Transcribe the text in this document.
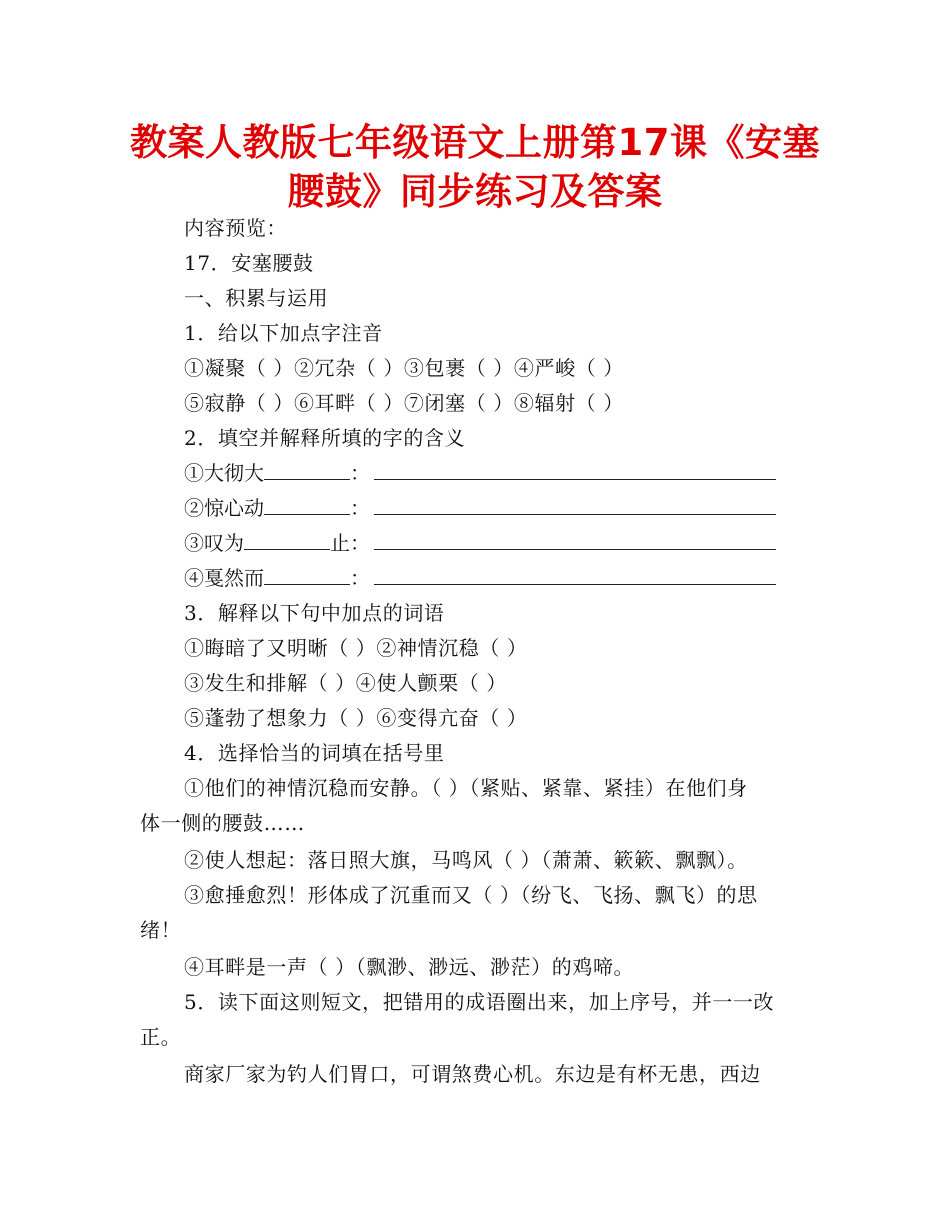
教案人教版七年级语文上册第17课《安塞腰鼓》同步练习及答案
内容预览：
17．安塞腰鼓
一、积累与运用
1．给以下加点字注音
①凝聚（ ）②冗杂（ ）③包裹（ ）④严峻（ ）
⑤寂静（ ）⑥耳畔（ ）⑦闭塞（ ）⑧辐射（ ）
2．填空并解释所填的字的含义
①大彻大	：
②惊心动	：
③叹为	止：
④戛然而	：
3．解释以下句中加点的词语
①晦暗了又明晰（ ）②神情沉稳（ ）
③发生和排解（ ）④使人颤栗（ ）
⑤蓬勃了想象力（ ）⑥变得亢奋（ ）
4．选择恰当的词填在括号里
①他们的神情沉稳而安静。（ ）（紧贴、紧靠、紧挂）在他们身
体一侧的腰鼓……
②使人想起：落日照大旗，马鸣风（ ）（萧萧、簌簌、飘飘）。
③愈捶愈烈！形体成了沉重而又（ ）（纷飞、飞扬、飘飞）的思
绪！
④耳畔是一声（ ）（飘渺、渺远、渺茫）的鸡啼。
5．读下面这则短文，把错用的成语圈出来，加上序号，并一一改
正。
商家厂家为钓人们胃口，可谓煞费心机。东边是有杯无患，西边
